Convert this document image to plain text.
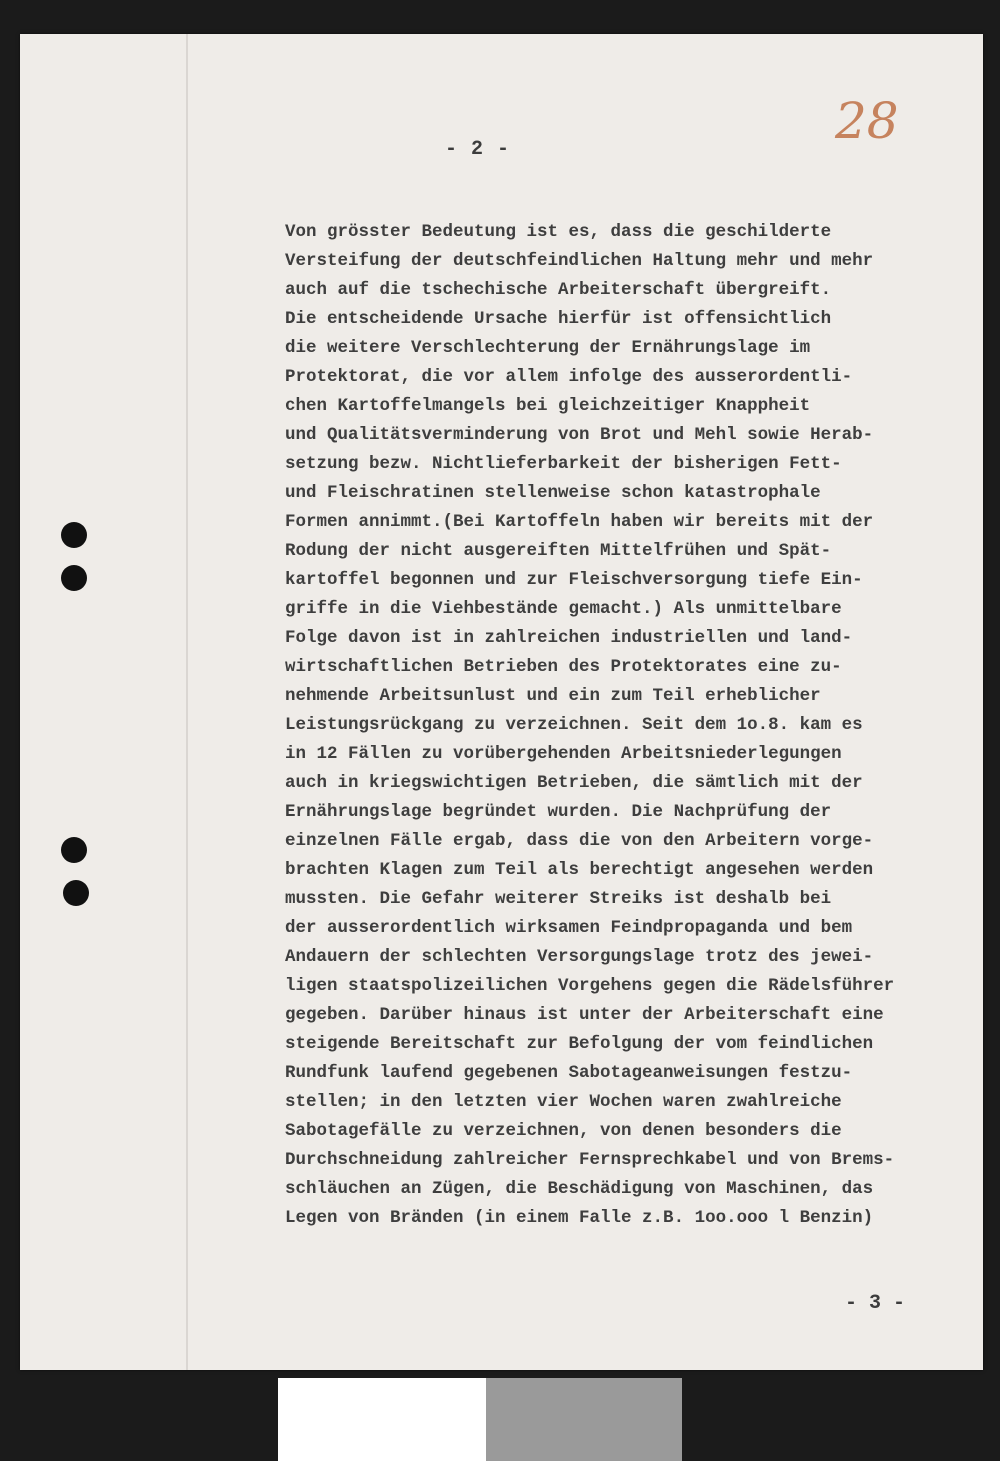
- 2 -	28
Von grösster Bedeutung ist es, dass die geschilderte
Versteifung der deutschfeindlichen Haltung mehr und mehr
auch auf die tschechische Arbeiterschaft übergreift.
Die entscheidende Ursache hierfür ist offensichtlich
die weitere Verschlechterung der Ernährungslage im
Protektorat, die vor allem infolge des ausserordentli-
chen Kartoffelmangels bei gleichzeitiger Knappheit
und Qualitätsverminderung von Brot und Mehl sowie Herab-
setzung bezw. Nichtlieferbarkeit der bisherigen Fett-
und Fleischratinen stellenweise schon katastrophale
Formen annimmt.(Bei Kartoffeln haben wir bereits mit der
Rodung der nicht ausgereiften Mittelfrühen und Spät-
kartoffel begonnen und zur Fleischversorgung tiefe Ein-
griffe in die Viehbestände gemacht.) Als unmittelbare
Folge davon ist in zahlreichen industriellen und land-
wirtschaftlichen Betrieben des Protektorates eine zu-
nehmende Arbeitsunlust und ein zum Teil erheblicher
Leistungsrückgang zu verzeichnen. Seit dem 1o.8. kam es
in 12 Fällen zu vorübergehenden Arbeitsniederlegungen
auch in kriegswichtigen Betrieben, die sämtlich mit der
Ernährungslage begründet wurden. Die Nachprüfung der
einzelnen Fälle ergab, dass die von den Arbeitern vorge-
brachten Klagen zum Teil als berechtigt angesehen werden
mussten. Die Gefahr weiterer Streiks ist deshalb bei
der ausserordentlich wirksamen Feindpropaganda und bem
Andauern der schlechten Versorgungslage trotz des jewei-
ligen staatspolizeilichen Vorgehens gegen die Rädelsführer
gegeben. Darüber hinaus ist unter der Arbeiterschaft eine
steigende Bereitschaft zur Befolgung der vom feindlichen
Rundfunk laufend gegebenen Sabotageanweisungen festzu-
stellen; in den letzten vier Wochen waren zwahlreiche
Sabotagefälle zu verzeichnen, von denen besonders die
Durchschneidung zahlreicher Fernsprechkabel und von Brems-
schläuchen an Zügen, die Beschädigung von Maschinen, das
Legen von Bränden (in einem Falle z.B. 1oo.ooo l Benzin)
- 3 -
